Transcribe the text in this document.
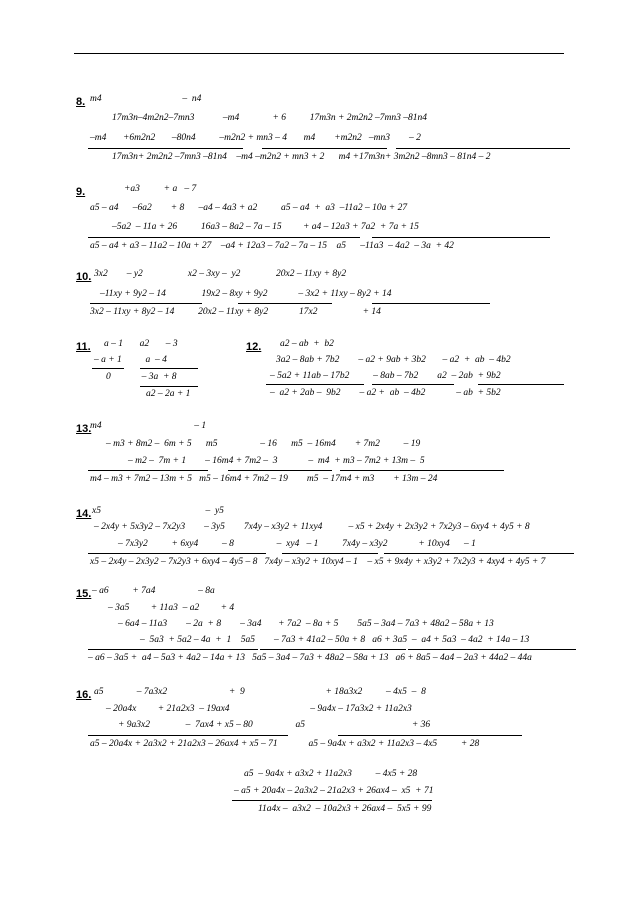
8. m4                                  –  n4
17m3n–4m2n2–7mn3            –m4              + 6          17m3n + 2m2n2 –7mn3 –81n4
–m4       +6m2n2       –80n4          –m2n2 + mn3 – 4       m4        +m2n2   –mn3        – 2
17m3n+ 2m2n2 –7mn3 –81n4    –m4 –m2n2 + mn3 + 2      m4 +17m3n+ 3m2n2 –8mn3 – 81n4 – 2
9.	+a3          + a   – 7
a5 – a4      –6a2        + 8      –a4 – 4a3 + a2          a5 – a4  +  a3  –11a2 – 10a + 27
–5a2  – 11a + 26          16a3 – 8a2 – 7a – 15         + a4 – 12a3 + 7a2  + 7a + 15
a5 – a4 + a3 – 11a2 – 10a + 27    –a4 + 12a3 – 7a2 – 7a – 15    a5      –11a3  – 4a2  – 3a  + 42
10. 3x2        – y2                   x2 – 3xy –  y2               20x2 – 11xy + 8y2
–11xy + 9y2 – 14               19x2 – 8xy + 9y2             – 3x2 + 11xy – 8y2 + 14
3x2 – 11xy + 8y2 – 14          20x2 – 11xy + 8y2             17x2                   + 14
11. a – 1       a2       – 3
– a + 1          a  – 4
0             – 3a  + 8
a2 – 2a + 1
12. a2 – ab  +  b2
3a2 – 8ab + 7b2        – a2 + 9ab + 3b2       – a2  +  ab  – 4b2
– 5a2 + 11ab – 17b2          – 8ab – 7b2        a2  – 2ab  + 9b2
–  a2 + 2ab –  9b2        – a2 +  ab  – 4b2             – ab  + 5b2
13.
m4                                       – 1
– m3 + 8m2 –  6m + 5      m5                  – 16      m5  – 16m4        + 7m2          – 19
– m2 –  7m + 1        – 16m4 + 7m2 –  3             –  m4  + m3 – 7m2 + 13m –  5
m4 – m3 + 7m2 – 13m + 5   m5 – 16m4 + 7m2 – 19        m5  – 17m4 + m3        + 13m – 24
14. x5                                            –  y5
– 2x4y + 5x3y2 – 7x2y3        – 3y5        7x4y – x3y2 + 11xy4           – x5 + 2x4y + 2x3y2 + 7x2y3 – 6xy4 + 4y5 + 8
– 7x3y2          + 6xy4          – 8                  –  xy4   – 1          7x4y – x3y2             + 10xy4      – 1
x5 – 2x4y – 2x3y2 – 7x2y3 + 6xy4 – 4y5 – 8   7x4y – x3y2 + 10xy4 – 1    – x5 + 9x4y + x3y2 + 7x2y3 + 4xy4 + 4y5 + 7
15. – a6          + 7a4                  – 8a
– 3a5         + 11a3  – a2         + 4
– 6a4 – 11a3        – 2a  + 8        – 3a4       + 7a2  – 8a + 5        5a5 – 3a4 – 7a3 + 48a2 – 58a + 13
–  5a3  + 5a2 – 4a  +  1    5a5        – 7a3 + 41a2 – 50a + 8   a6 + 3a5  –  a4 + 5a3  – 4a2  + 14a – 13
– a6 – 3a5 +  a4 – 5a3 + 4a2 – 14a + 13   5a5 – 3a4 – 7a3 + 48a2 – 58a + 13   a6 + 8a5 – 4a4 – 2a3 + 44a2 – 44a
16. a5              – 7a3x2                          +  9                                  + 18a3x2          – 4x5  –  8
– 20a4x         + 21a2x3  – 19ax4                                  – 9a4x – 17a3x2 + 11a2x3
+ 9a3x2               –  7ax4 + x5 – 80                  a5                                             + 36
a5 – 20a4x + 2a3x2 + 21a2x3 – 26ax4 + x5 – 71             a5 – 9a4x + a3x2 + 11a2x3 – 4x5          + 28
a5  – 9a4x + a3x2 + 11a2x3          – 4x5 + 28
– a5 + 20a4x – 2a3x2 – 21a2x3 + 26ax4 –  x5  + 71
11a4x –  a3x2  – 10a2x3 + 26ax4 –  5x5 + 99
